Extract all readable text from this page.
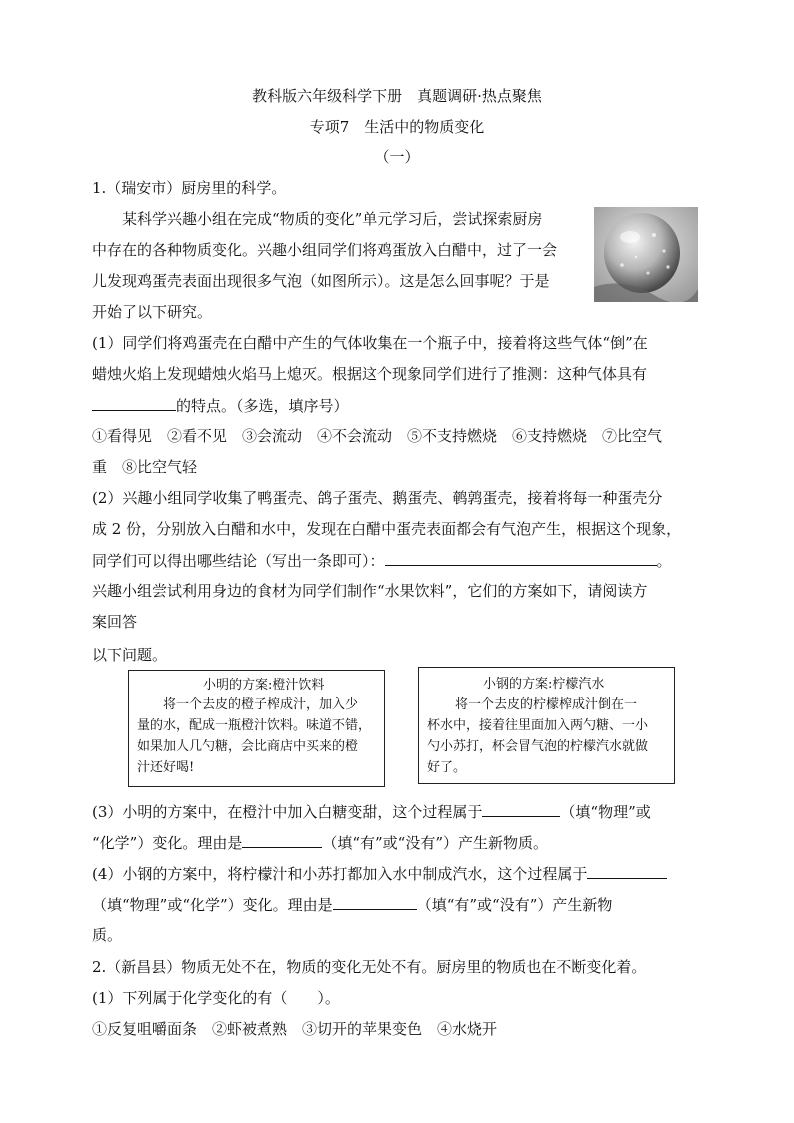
教科版六年级科学下册　真题调研·热点聚焦
专项7　生活中的物质变化
（一）
1.（瑞安市）厨房里的科学。
某科学兴趣小组在完成“物质的变化”单元学习后，尝试探索厨房
中存在的各种物质变化。兴趣小组同学们将鸡蛋放入白醋中，过了一会
儿发现鸡蛋壳表面出现很多气泡（如图所示）。这是怎么回事呢？于是
开始了以下研究。
(1）同学们将鸡蛋壳在白醋中产生的气体收集在一个瓶子中，接着将这些气体“倒”在
蜡烛火焰上发现蜡烛火焰马上熄灭。根据这个现象同学们进行了推测：这种气体具有
的特点。（多选，填序号）
①看得见　②看不见　③会流动　④不会流动　⑤不支持燃烧　⑥支持燃烧　⑦比空气
重　⑧比空气轻
(2）兴趣小组同学收集了鸭蛋壳、鸽子蛋壳、鹅蛋壳、鹌鹑蛋壳，接着将每一种蛋壳分
成 2 份，分别放入白醋和水中，发现在白醋中蛋壳表面都会有气泡产生，根据这个现象，
同学们可以得出哪些结论（写出一条即可）：	。
兴趣小组尝试利用身边的食材为同学们制作“水果饮料”，它们的方案如下，请阅读方
案回答
以下问题。
小明的方案:橙汁饮料
将一个去皮的橙子榨成汁，加入少
量的水，配成一瓶橙汁饮料。味道不错，
如果加人几勺糖，会比商店中买来的橙
汁还好喝!
小钢的方案:柠檬汽水
将一个去皮的柠檬榨成汁倒在一
杯水中，接着往里面加入两勺糖、一小
勺小苏打，杯会冒气泡的柠檬汽水就做
好了。
(3）小明的方案中，在橙汁中加入白糖变甜，这个过程属于	（填“物理”或
“化学”）变化。理由是	（填“有”或“没有”）产生新物质。
(4）小钢的方案中，将柠檬汁和小苏打都加入水中制成汽水，这个过程属于
（填“物理”或“化学”）变化。理由是	（填“有”或“没有”）产生新物
质。
2.（新昌县）物质无处不在，物质的变化无处不有。厨房里的物质也在不断变化着。
(1）下列属于化学变化的有（　　）。
①反复咀嚼面条　②虾被煮熟　③切开的苹果变色　④水烧开
